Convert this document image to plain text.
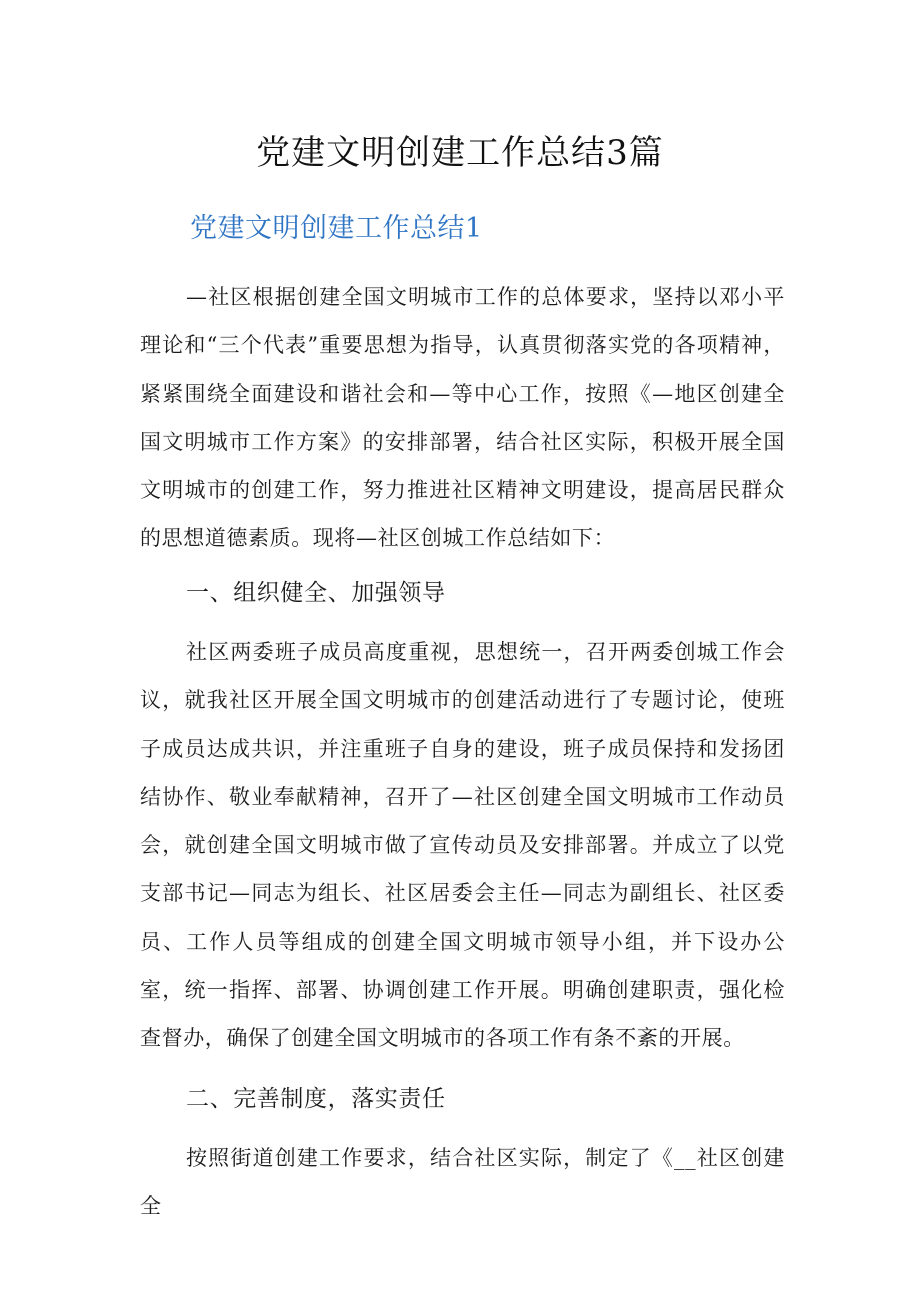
党建文明创建工作总结3篇
党建文明创建工作总结1

—社区根据创建全国文明城市工作的总体要求，坚持以邓小平理论和“三个代表”重要思想为指导，认真贯彻落实党的各项精神，紧紧围绕全面建设和谐社会和—等中心工作，按照《—地区创建全国文明城市工作方案》的安排部署，结合社区实际，积极开展全国文明城市的创建工作，努力推进社区精神文明建设，提高居民群众的思想道德素质。现将—社区创城工作总结如下：

一、组织健全、加强领导

社区两委班子成员高度重视，思想统一，召开两委创城工作会议，就我社区开展全国文明城市的创建活动进行了专题讨论，使班子成员达成共识，并注重班子自身的建设，班子成员保持和发扬团结协作、敬业奉献精神，召开了—社区创建全国文明城市工作动员会，就创建全国文明城市做了宣传动员及安排部署。并成立了以党支部书记—同志为组长、社区居委会主任—同志为副组长、社区委员、工作人员等组成的创建全国文明城市领导小组，并下设办公室，统一指挥、部署、协调创建工作开展。明确创建职责，强化检查督办，确保了创建全国文明城市的各项工作有条不紊的开展。

二、完善制度，落实责任

按照街道创建工作要求，结合社区实际，制定了《__社区创建全
